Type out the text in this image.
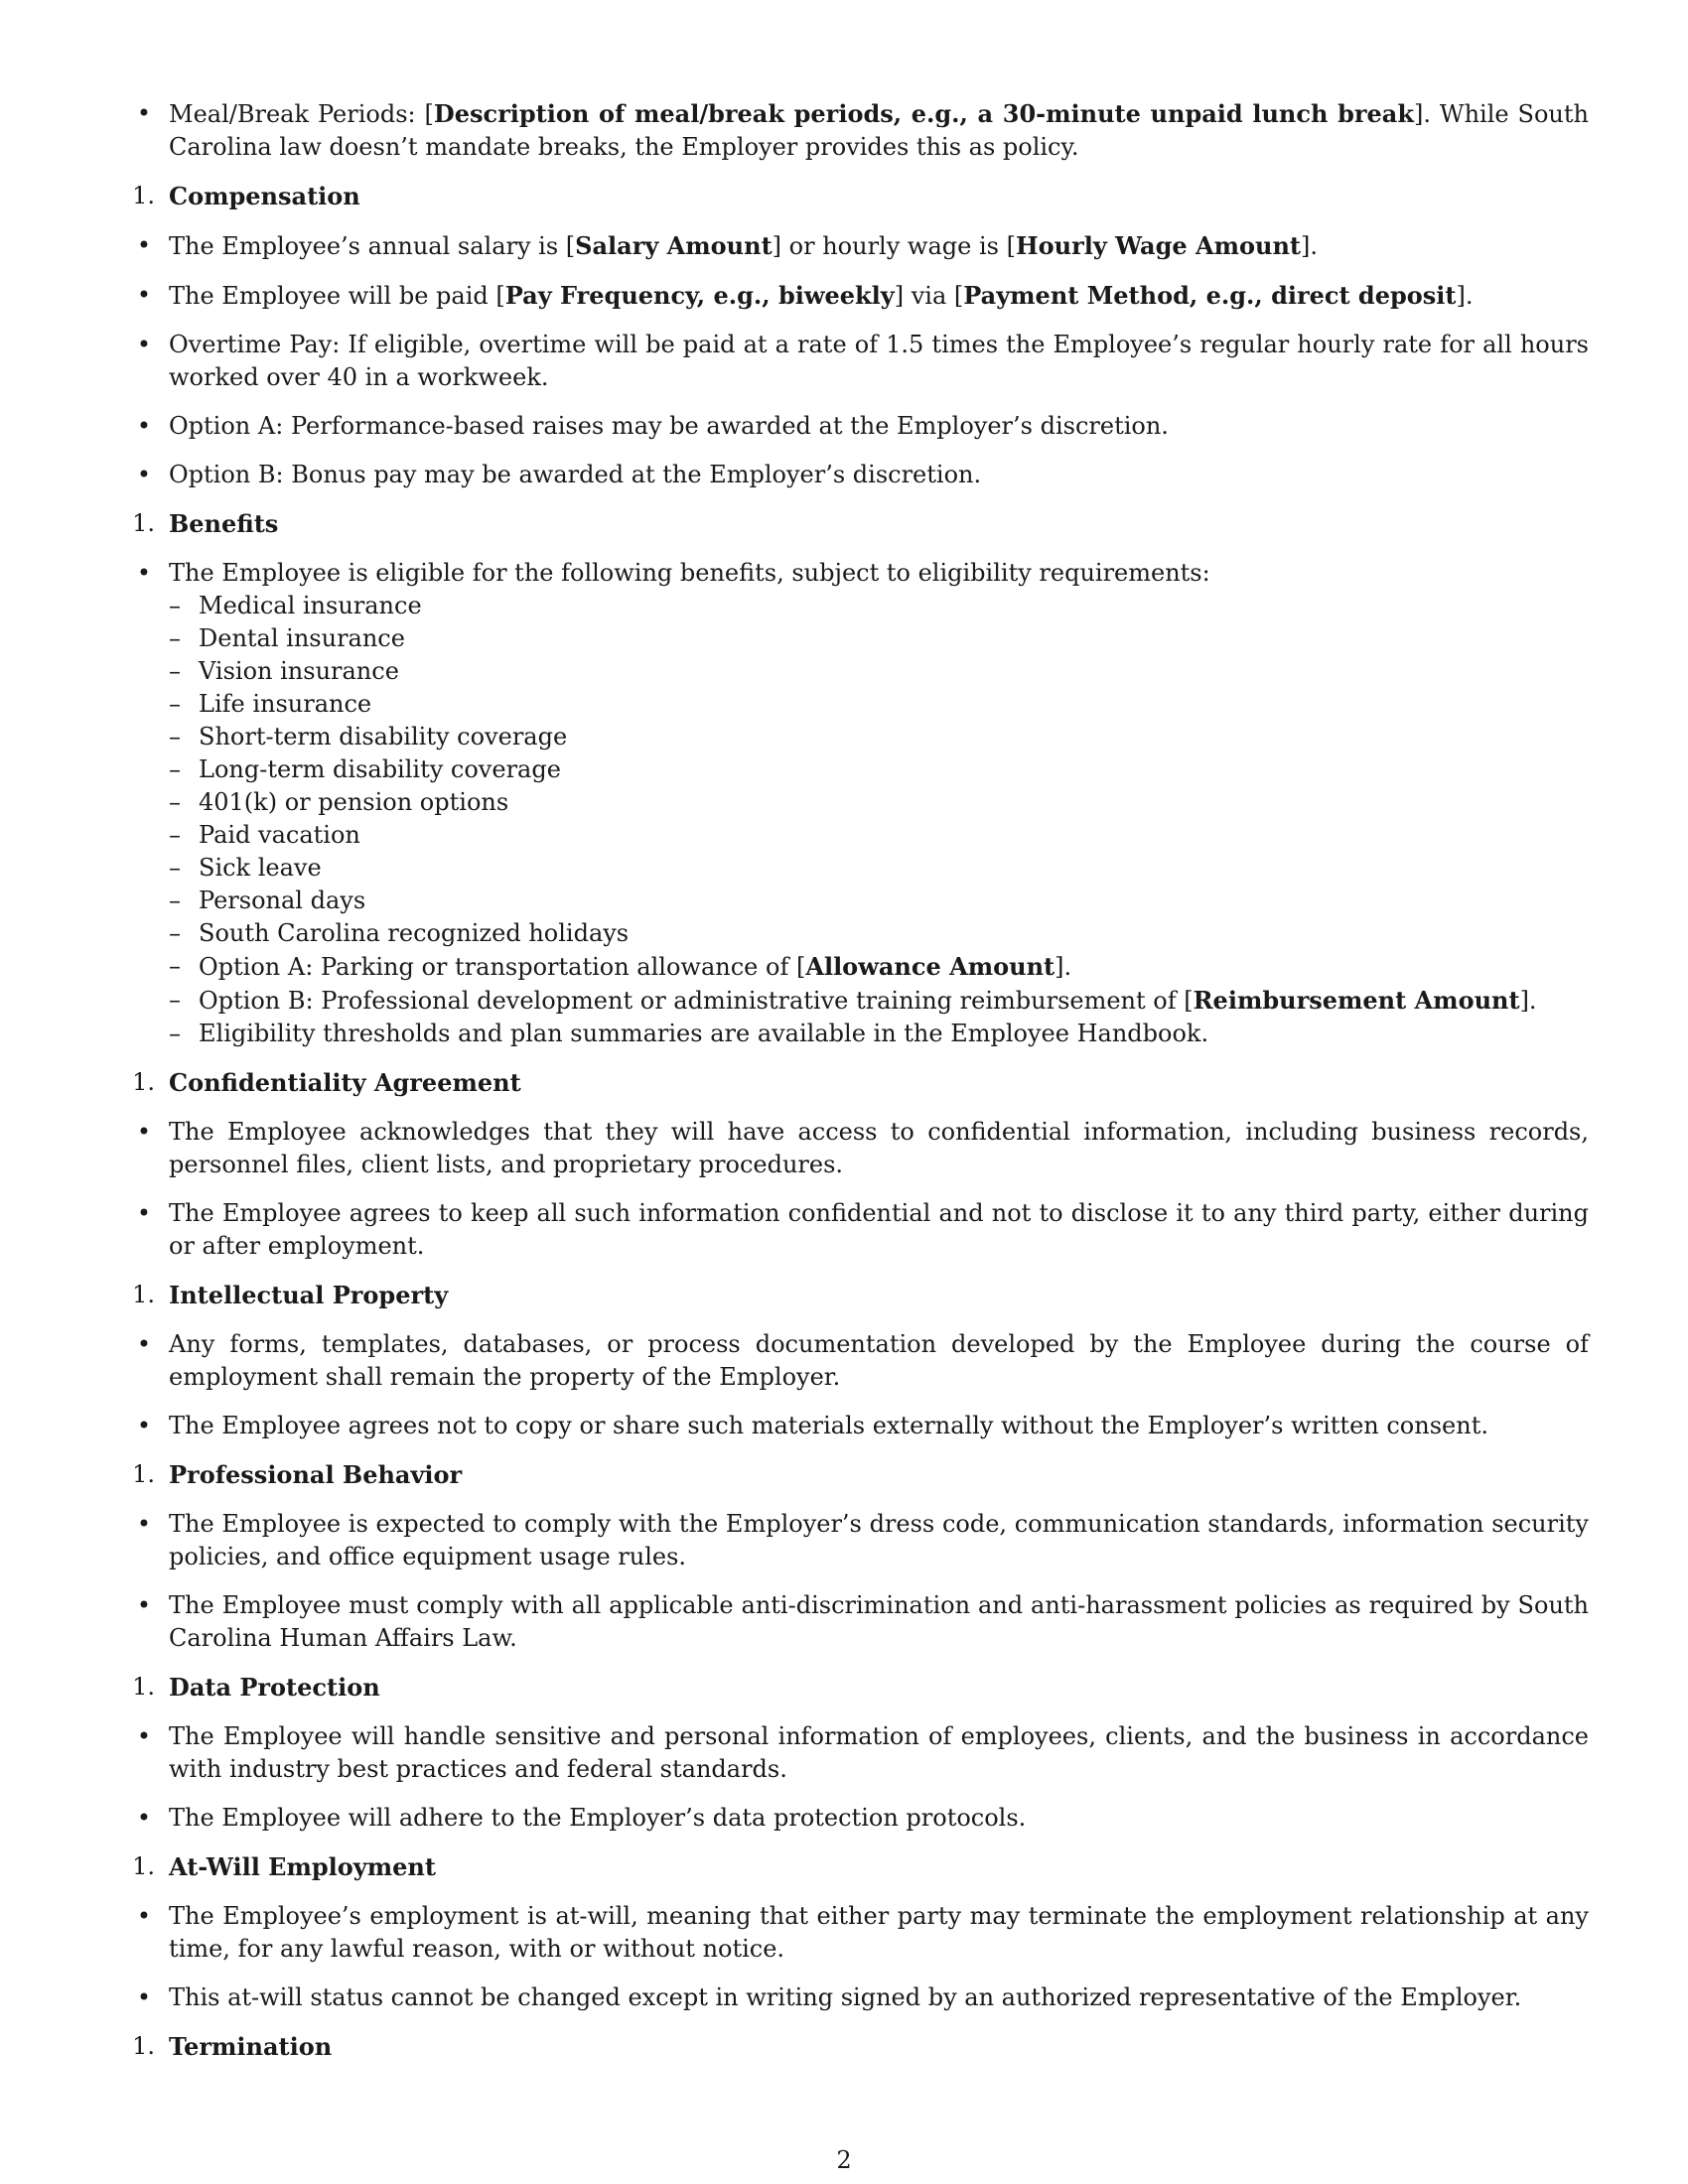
• Meal/Break Periods: [Description of meal/break periods, e.g., a 30-minute unpaid lunch break]. While South Carolina law doesn’t mandate breaks, the Employer provides this as policy.
1. Compensation
• The Employee’s annual salary is [Salary Amount] or hourly wage is [Hourly Wage Amount].
• The Employee will be paid [Pay Frequency, e.g., biweekly] via [Payment Method, e.g., direct deposit].
• Overtime Pay: If eligible, overtime will be paid at a rate of 1.5 times the Employee’s regular hourly rate for all hours worked over 40 in a workweek.
• Option A: Performance-based raises may be awarded at the Employer’s discretion.
• Option B: Bonus pay may be awarded at the Employer’s discretion.
1. Benefits
• The Employee is eligible for the following benefits, subject to eligibility requirements:
– Medical insurance
– Dental insurance
– Vision insurance
– Life insurance
– Short-term disability coverage
– Long-term disability coverage
– 401(k) or pension options
– Paid vacation
– Sick leave
– Personal days
– South Carolina recognized holidays
– Option A: Parking or transportation allowance of [Allowance Amount].
– Option B: Professional development or administrative training reimbursement of [Reimbursement Amount].
– Eligibility thresholds and plan summaries are available in the Employee Handbook.
1. Confidentiality Agreement
• The Employee acknowledges that they will have access to confidential information, including business records, personnel files, client lists, and proprietary procedures.
• The Employee agrees to keep all such information confidential and not to disclose it to any third party, either during or after employment.
1. Intellectual Property
• Any forms, templates, databases, or process documentation developed by the Employee during the course of employment shall remain the property of the Employer.
• The Employee agrees not to copy or share such materials externally without the Employer’s written consent.
1. Professional Behavior
• The Employee is expected to comply with the Employer’s dress code, communication standards, information security policies, and office equipment usage rules.
• The Employee must comply with all applicable anti-discrimination and anti-harassment policies as required by South Carolina Human Affairs Law.
1. Data Protection
• The Employee will handle sensitive and personal information of employees, clients, and the business in accordance with industry best practices and federal standards.
• The Employee will adhere to the Employer’s data protection protocols.
1. At-Will Employment
• The Employee’s employment is at-will, meaning that either party may terminate the employment relationship at any time, for any lawful reason, with or without notice.
• This at-will status cannot be changed except in writing signed by an authorized representative of the Employer.
1. Termination
2
